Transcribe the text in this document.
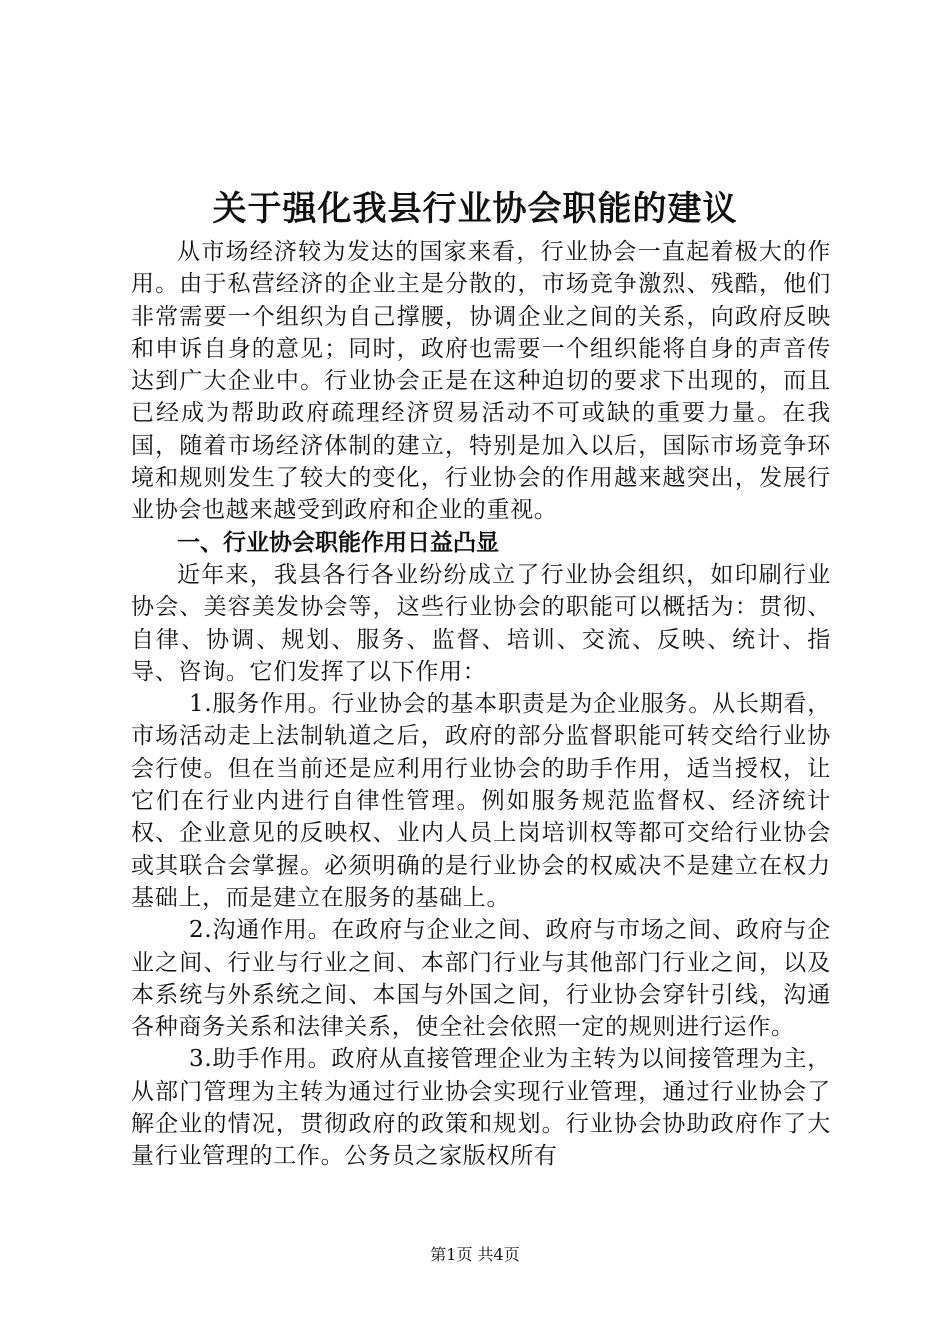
关于强化我县行业协会职能的建议

从市场经济较为发达的国家来看，行业协会一直起着极大的作用。由于私营经济的企业主是分散的，市场竞争激烈、残酷，他们非常需要一个组织为自己撑腰，协调企业之间的关系，向政府反映和申诉自身的意见；同时，政府也需要一个组织能将自身的声音传达到广大企业中。行业协会正是在这种迫切的要求下出现的，而且已经成为帮助政府疏理经济贸易活动不可或缺的重要力量。在我国，随着市场经济体制的建立，特别是加入以后，国际市场竞争环境和规则发生了较大的变化，行业协会的作用越来越突出，发展行业协会也越来越受到政府和企业的重视。

一、行业协会职能作用日益凸显

近年来，我县各行各业纷纷成立了行业协会组织，如印刷行业协会、美容美发协会等，这些行业协会的职能可以概括为：贯彻、自律、协调、规划、服务、监督、培训、交流、反映、统计、指导、咨询。它们发挥了以下作用：

1.服务作用。行业协会的基本职责是为企业服务。从长期看，市场活动走上法制轨道之后，政府的部分监督职能可转交给行业协会行使。但在当前还是应利用行业协会的助手作用，适当授权，让它们在行业内进行自律性管理。例如服务规范监督权、经济统计权、企业意见的反映权、业内人员上岗培训权等都可交给行业协会或其联合会掌握。必须明确的是行业协会的权威决不是建立在权力基础上，而是建立在服务的基础上。

2.沟通作用。在政府与企业之间、政府与市场之间、政府与企业之间、行业与行业之间、本部门行业与其他部门行业之间，以及本系统与外系统之间、本国与外国之间，行业协会穿针引线，沟通各种商务关系和法律关系，使全社会依照一定的规则进行运作。

3.助手作用。政府从直接管理企业为主转为以间接管理为主，从部门管理为主转为通过行业协会实现行业管理，通过行业协会了解企业的情况，贯彻政府的政策和规划。行业协会协助政府作了大量行业管理的工作。公务员之家版权所有

第1页 共4页
